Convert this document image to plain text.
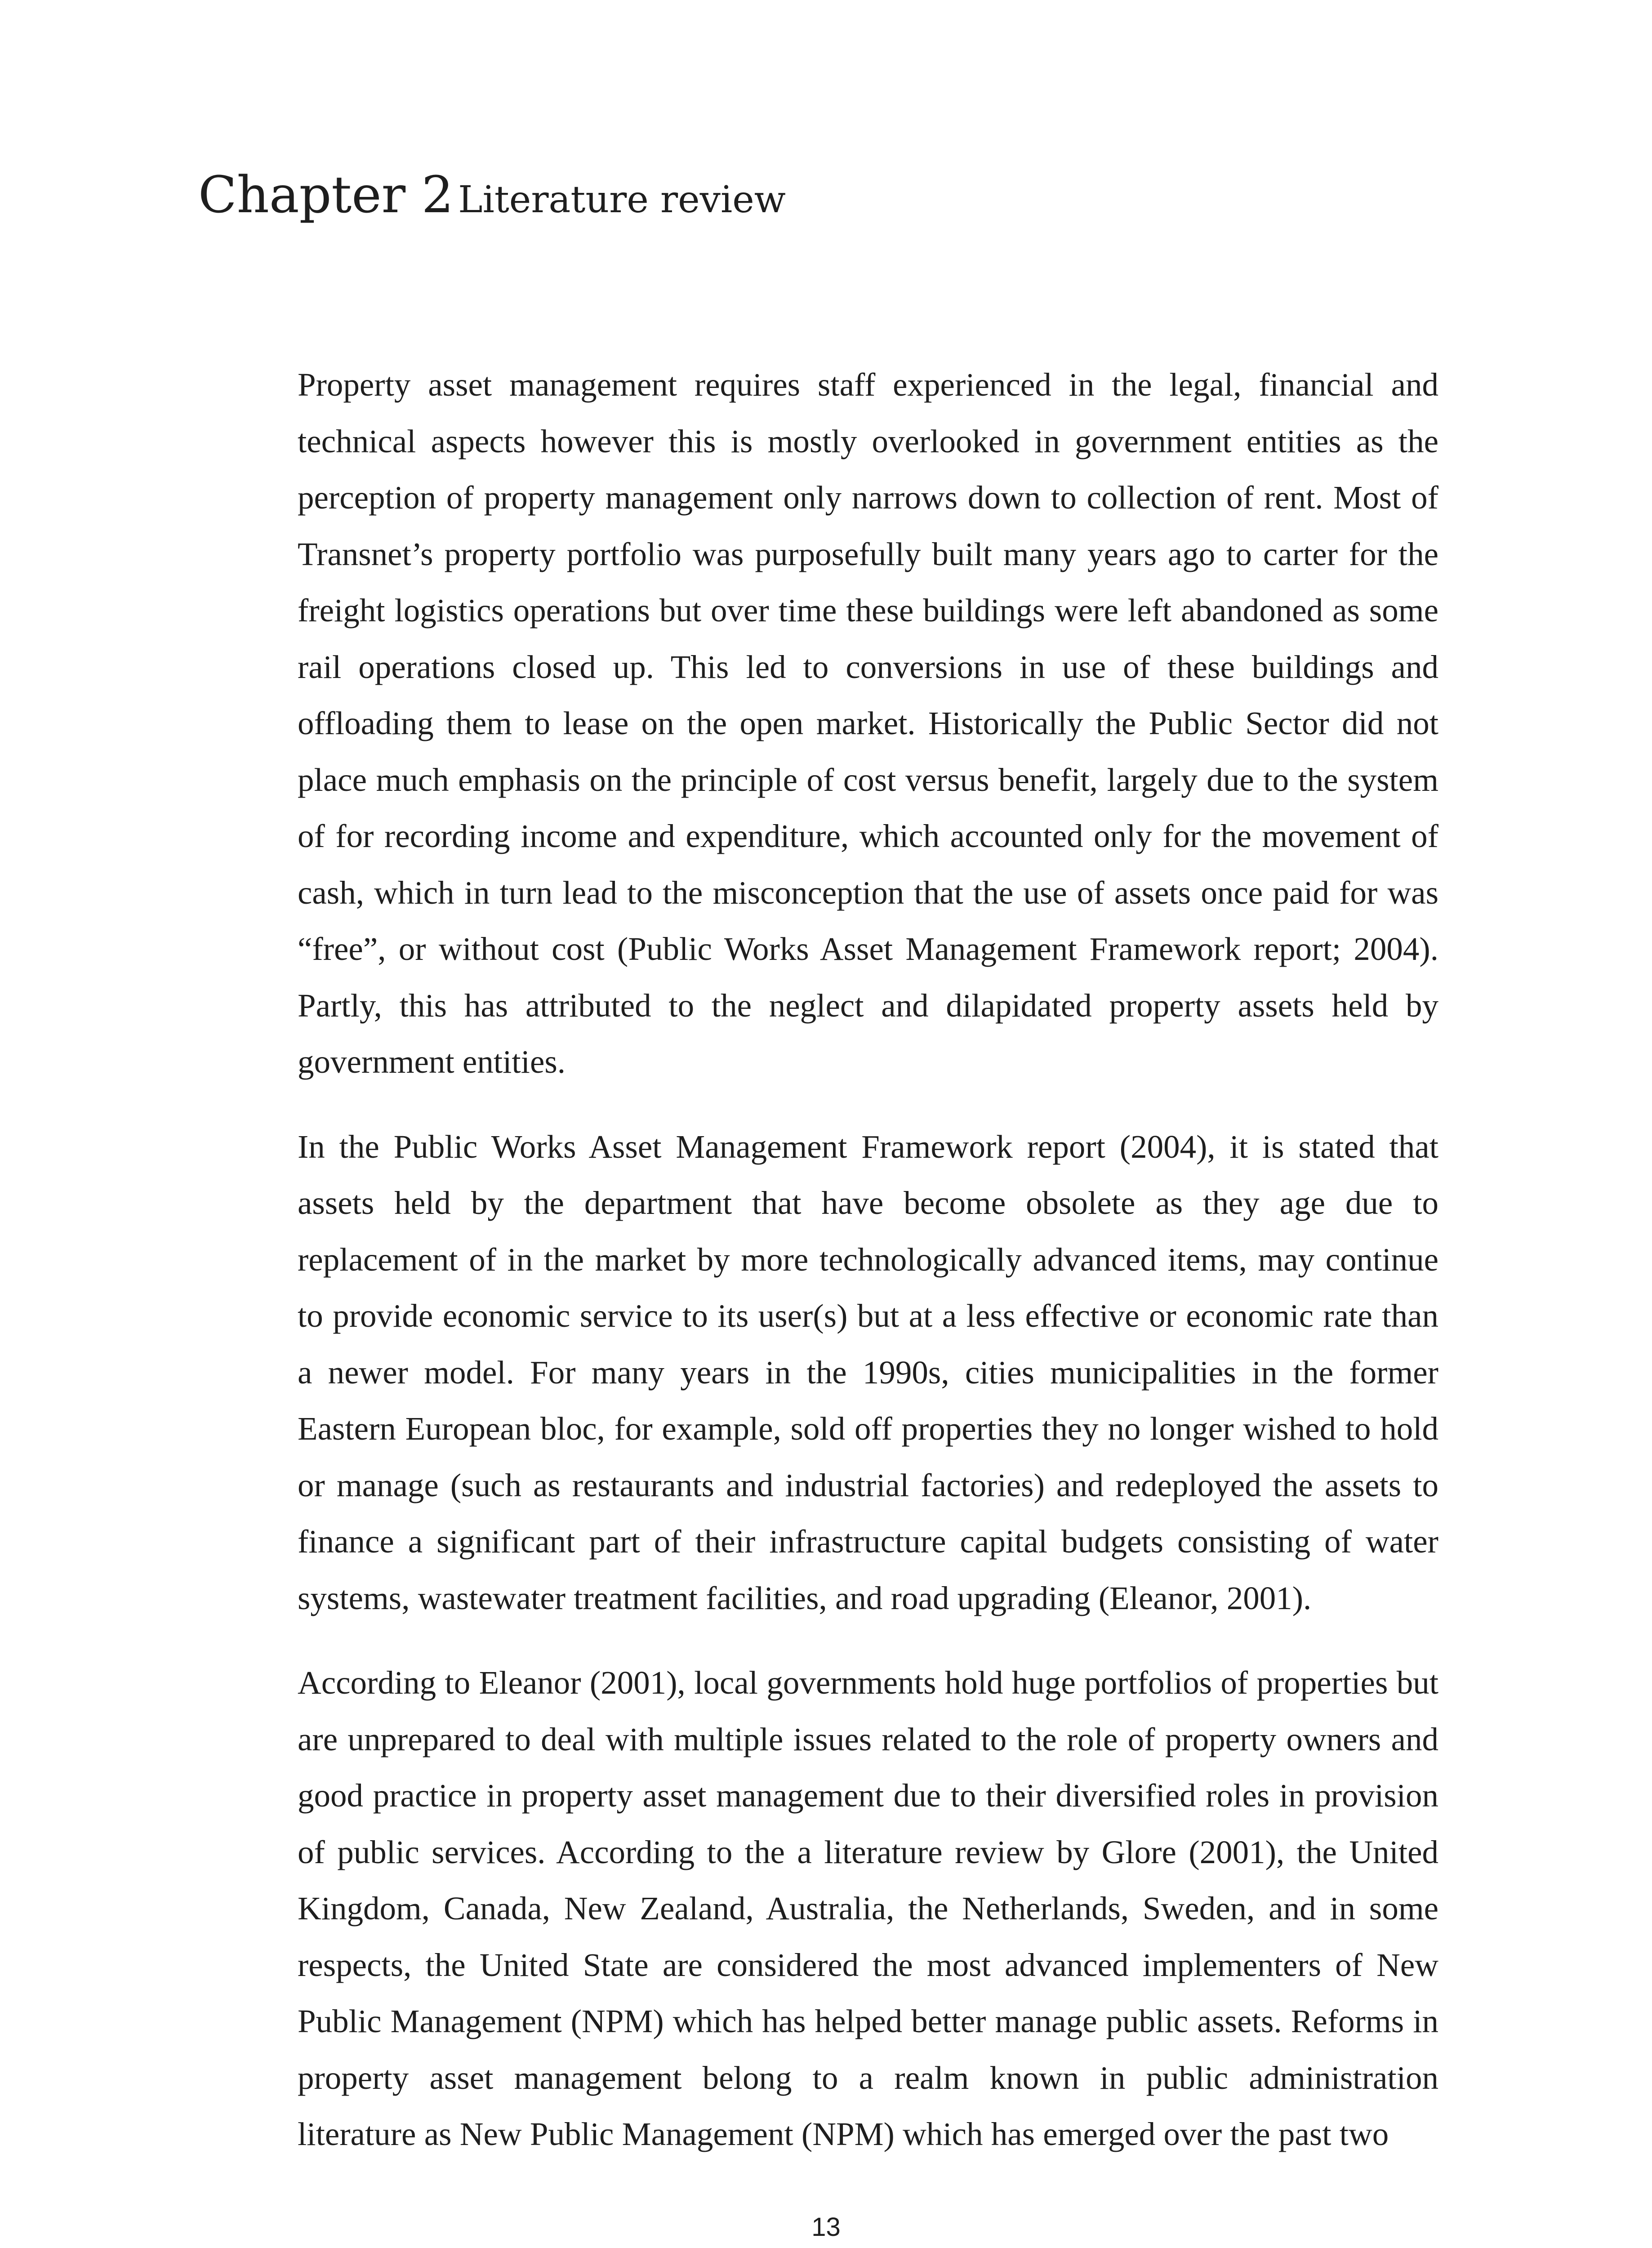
Chapter 2 Literature review

Property asset management requires staff experienced in the legal, financial and technical aspects however this is mostly overlooked in government entities as the perception of property management only narrows down to collection of rent. Most of Transnet’s property portfolio was purposefully built many years ago to carter for the freight logistics operations but over time these buildings were left abandoned as some rail operations closed up. This led to conversions in use of these buildings and offloading them to lease on the open market. Historically the Public Sector did not place much emphasis on the principle of cost versus benefit, largely due to the system of for recording income and expenditure, which accounted only for the movement of cash, which in turn lead to the misconception that the use of assets once paid for was “free”, or without cost (Public Works Asset Management Framework report; 2004). Partly, this has attributed to the neglect and dilapidated property assets held by government entities.

In the Public Works Asset Management Framework report (2004), it is stated that assets held by the department that have become obsolete as they age due to replacement of in the market by more technologically advanced items, may continue to provide economic service to its user(s) but at a less effective or economic rate than a newer model. For many years in the 1990s, cities municipalities in the former Eastern European bloc, for example, sold off properties they no longer wished to hold or manage (such as restaurants and industrial factories) and redeployed the assets to finance a significant part of their infrastructure capital budgets consisting of water systems, wastewater treatment facilities, and road upgrading (Eleanor, 2001).

According to Eleanor (2001), local governments hold huge portfolios of properties but are unprepared to deal with multiple issues related to the role of property owners and good practice in property asset management due to their diversified roles in provision of public services. According to the a literature review by Glore (2001), the United Kingdom, Canada, New Zealand, Australia, the Netherlands, Sweden, and in some respects, the United State are considered the most advanced implementers of New Public Management (NPM) which has helped better manage public assets. Reforms in property asset management belong to a realm known in public administration literature as New Public Management (NPM) which has emerged over the past two

13
